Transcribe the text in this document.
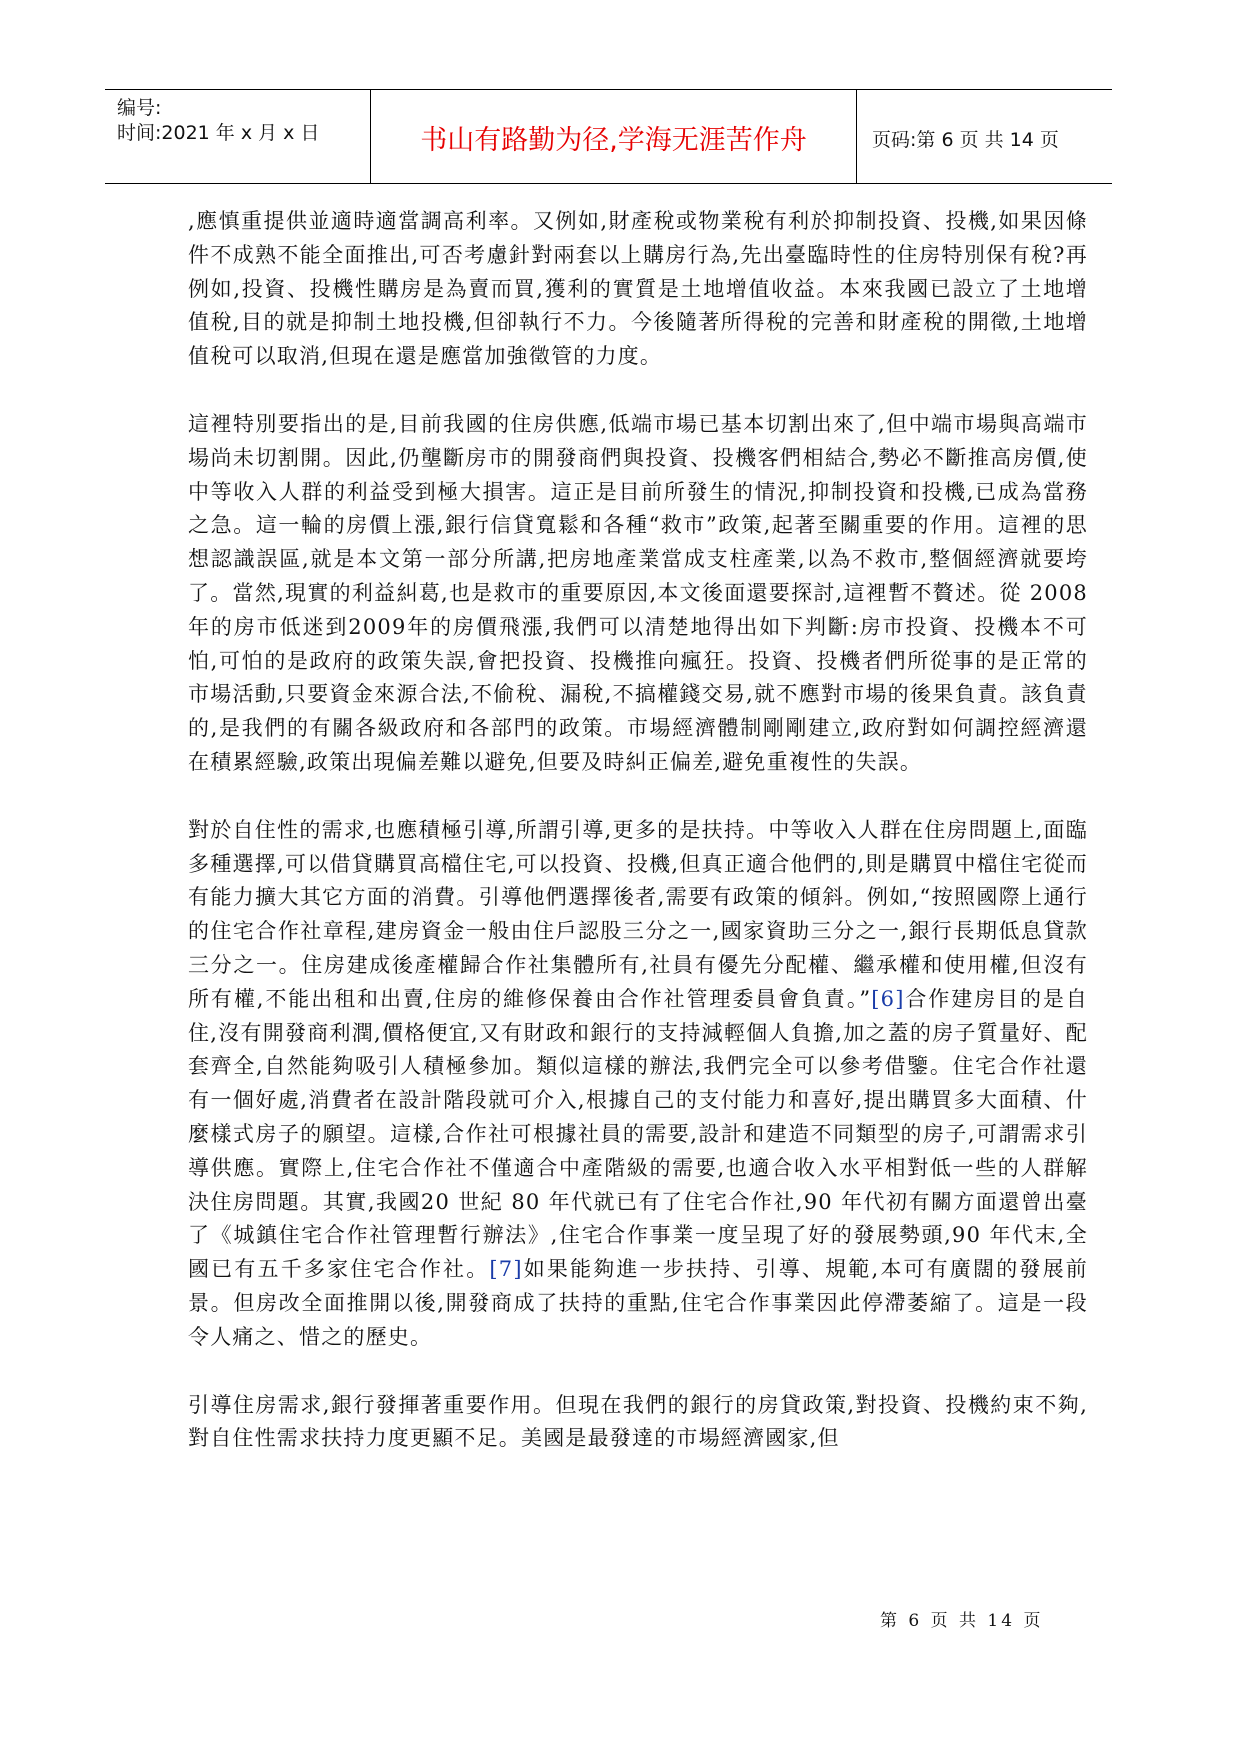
编号:
时间:2021 年 x 月 x 日	书山有路勤为径,学海无涯苦作舟	页码:第 6 页 共 14 页

,應慎重提供並適時適當調高利率。又例如,財產稅或物業稅有利於抑制投資、投機,如果因條件不成熟不能全面推出,可否考慮針對兩套以上購房行為,先出臺臨時性的住房特別保有稅?再例如,投資、投機性購房是為賣而買,獲利的實質是土地增值收益。本來我國已設立了土地增值稅,目的就是抑制土地投機,但卻執行不力。今後隨著所得稅的完善和財產稅的開徵,土地增值稅可以取消,但現在還是應當加強徵管的力度。

這裡特別要指出的是,目前我國的住房供應,低端市場已基本切割出來了,但中端市場與高端市場尚未切割開。因此,仍壟斷房市的開發商們與投資、投機客們相結合,勢必不斷推高房價,使中等收入人群的利益受到極大損害。這正是目前所發生的情況,抑制投資和投機,已成為當務之急。這一輪的房價上漲,銀行信貸寬鬆和各種“救市”政策,起著至關重要的作用。這裡的思想認識誤區,就是本文第一部分所講,把房地產業當成支柱產業,以為不救市,整個經濟就要垮了。當然,現實的利益糾葛,也是救市的重要原因,本文後面還要探討,這裡暫不贅述。從 2008 年的房市低迷到2009年的房價飛漲,我們可以清楚地得出如下判斷:房市投資、投機本不可怕,可怕的是政府的政策失誤,會把投資、投機推向瘋狂。投資、投機者們所從事的是正常的市場活動,只要資金來源合法,不偷稅、漏稅,不搞權錢交易,就不應對市場的後果負責。該負責的,是我們的有關各級政府和各部門的政策。市場經濟體制剛剛建立,政府對如何調控經濟還在積累經驗,政策出現偏差難以避免,但要及時糾正偏差,避免重複性的失誤。

對於自住性的需求,也應積極引導,所謂引導,更多的是扶持。中等收入人群在住房問題上,面臨多種選擇,可以借貸購買高檔住宅,可以投資、投機,但真正適合他們的,則是購買中檔住宅從而有能力擴大其它方面的消費。引導他們選擇後者,需要有政策的傾斜。例如,“按照國際上通行的住宅合作社章程,建房資金一般由住戶認股三分之一,國家資助三分之一,銀行長期低息貸款三分之一。住房建成後產權歸合作社集體所有,社員有優先分配權、繼承權和使用權,但沒有所有權,不能出租和出賣,住房的維修保養由合作社管理委員會負責。”[6]合作建房目的是自住,沒有開發商利潤,價格便宜,又有財政和銀行的支持減輕個人負擔,加之蓋的房子質量好、配套齊全,自然能夠吸引人積極參加。類似這樣的辦法,我們完全可以參考借鑒。住宅合作社還有一個好處,消費者在設計階段就可介入,根據自己的支付能力和喜好,提出購買多大面積、什麼樣式房子的願望。這樣,合作社可根據社員的需要,設計和建造不同類型的房子,可謂需求引導供應。實際上,住宅合作社不僅適合中產階級的需要,也適合收入水平相對低一些的人群解決住房問題。其實,我國20 世紀 80 年代就已有了住宅合作社,90 年代初有關方面還曾出臺了《城鎮住宅合作社管理暫行辦法》,住宅合作事業一度呈現了好的發展勢頭,90 年代末,全國已有五千多家住宅合作社。[7]如果能夠進一步扶持、引導、規範,本可有廣闊的發展前景。但房改全面推開以後,開發商成了扶持的重點,住宅合作事業因此停滯萎縮了。這是一段令人痛之、惜之的歷史。

引導住房需求,銀行發揮著重要作用。但現在我們的銀行的房貸政策,對投資、投機約束不夠,對自住性需求扶持力度更顯不足。美國是最發達的市場經濟國家,但

第 6 页 共 14 页
